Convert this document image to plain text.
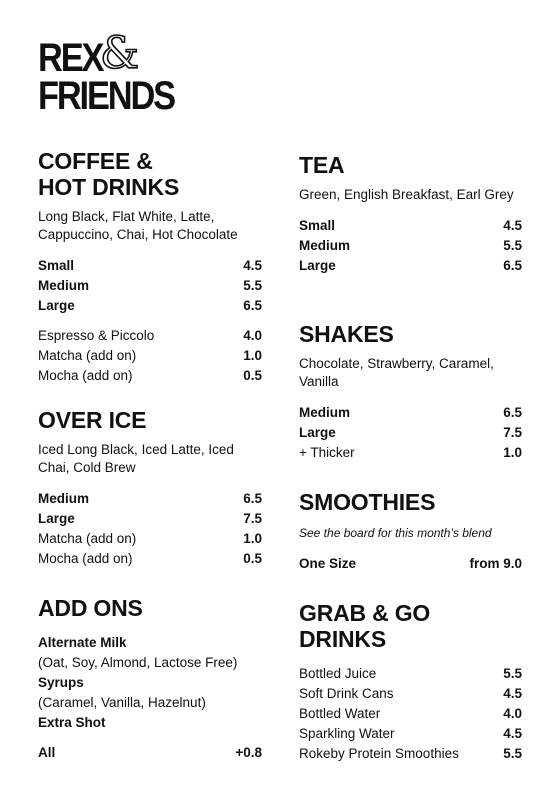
REX
&
FRIENDS
COFFEE &
HOT DRINKS
Long Black, Flat White, Latte, Cappuccino, Chai, Hot Chocolate
Small	4.5
Medium	5.5
Large	6.5
Espresso & Piccolo	4.0
Matcha (add on)	1.0
Mocha (add on)	0.5
OVER ICE
Iced Long Black, Iced Latte, Iced Chai, Cold Brew
Medium	6.5
Large	7.5
Matcha (add on)	1.0
Mocha (add on)	0.5
ADD ONS
Alternate Milk
(Oat, Soy, Almond, Lactose Free)
Syrups
(Caramel, Vanilla, Hazelnut)
Extra Shot
All	+0.8
TEA
Green, English Breakfast, Earl Grey
Small	4.5
Medium	5.5
Large	6.5
SHAKES
Chocolate, Strawberry, Caramel, Vanilla
Medium	6.5
Large	7.5
+ Thicker	1.0
SMOOTHIES
See the board for this month’s blend
One Size	from 9.0
GRAB & GO
DRINKS
Bottled Juice	5.5
Soft Drink Cans	4.5
Bottled Water	4.0
Sparkling Water	4.5
Rokeby Protein Smoothies	5.5
